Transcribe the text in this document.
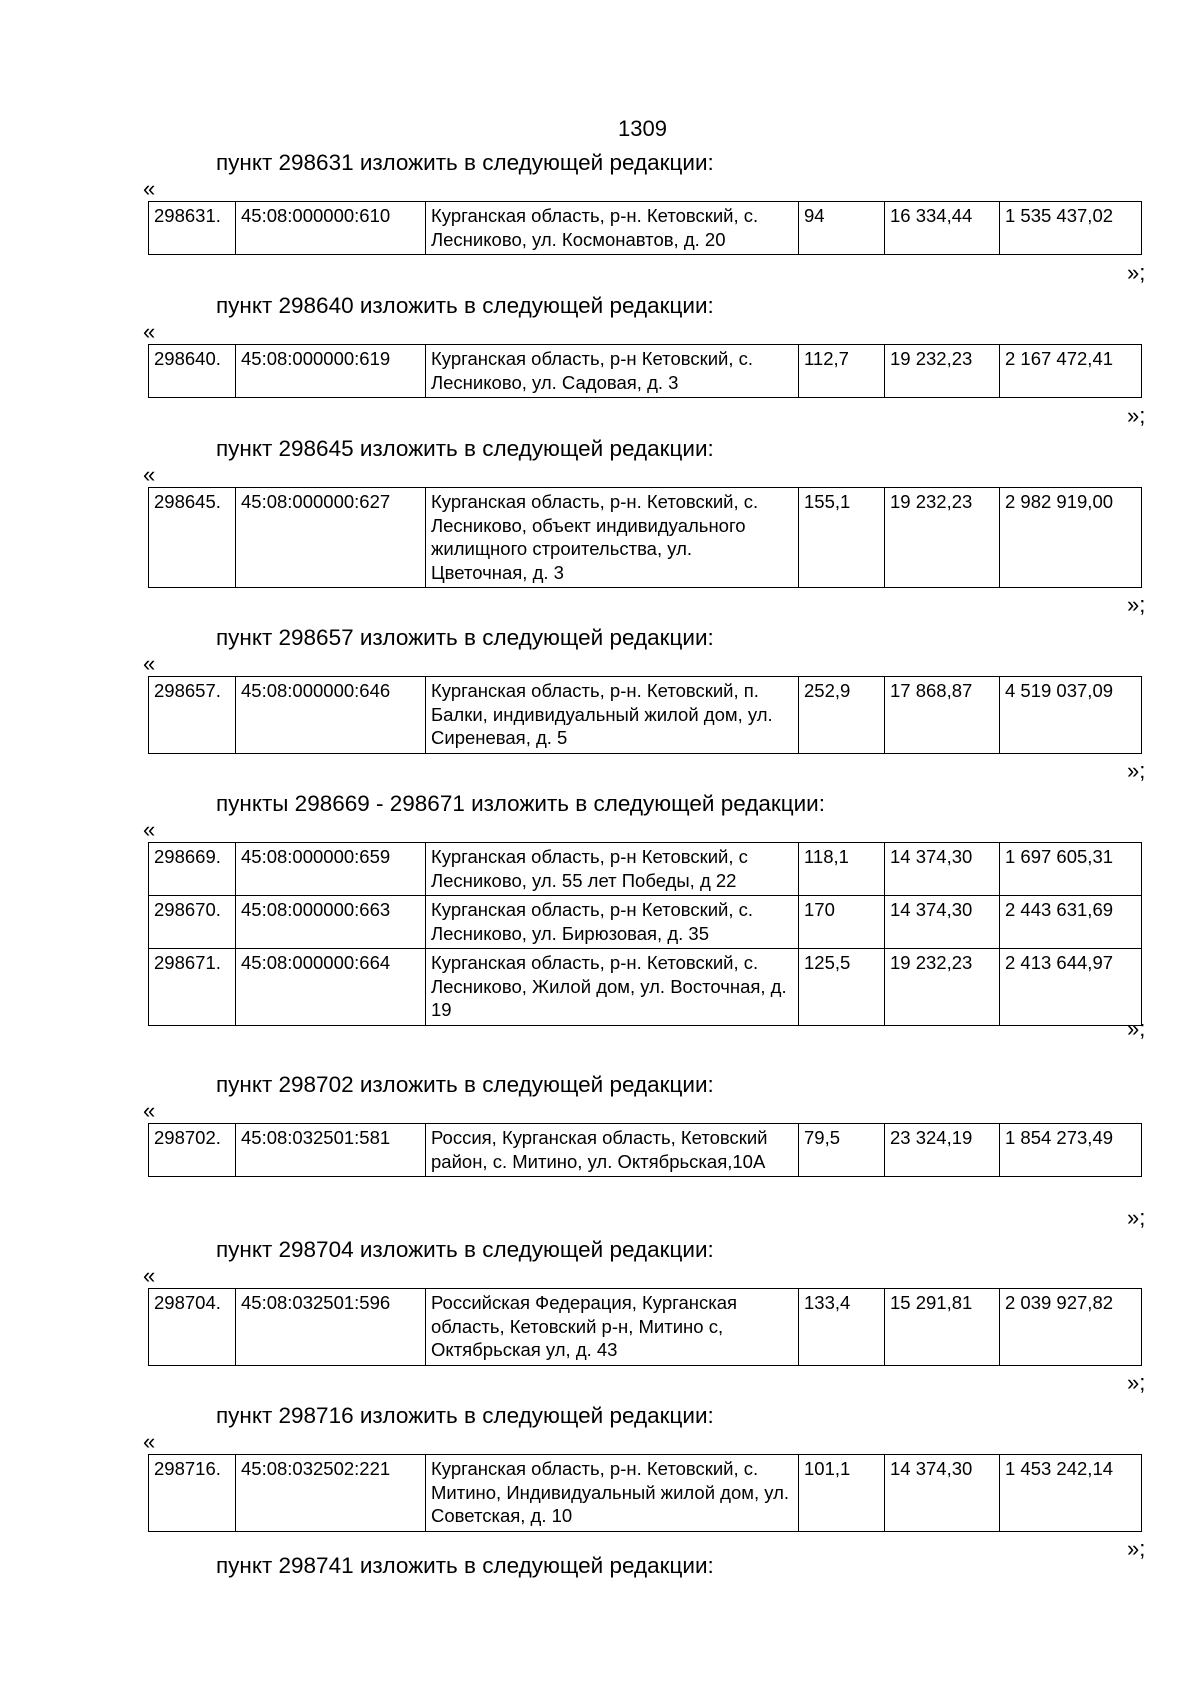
1309
пункт 298631 изложить в следующей редакции:
«
298631.	45:08:000000:610	Курганская область, р-н. Кетовский, с. Лесниково, ул. Космонавтов, д. 20	94	16 334,44	1 535 437,02
»;
пункт 298640 изложить в следующей редакции:
«
298640.	45:08:000000:619	Курганская область, р-н Кетовский, с. Лесниково, ул. Садовая, д. 3	112,7	19 232,23	2 167 472,41
»;
пункт 298645 изложить в следующей редакции:
«
298645.	45:08:000000:627	Курганская область, р-н. Кетовский, с. Лесниково, объект индивидуального жилищного строительства, ул. Цветочная, д. 3	155,1	19 232,23	2 982 919,00
»;
пункт 298657 изложить в следующей редакции:
«
298657.	45:08:000000:646	Курганская область, р-н. Кетовский, п. Балки, индивидуальный жилой дом, ул. Сиреневая, д. 5	252,9	17 868,87	4 519 037,09
»;
пункты 298669 - 298671 изложить в следующей редакции:
«
298669.	45:08:000000:659	Курганская область, р-н Кетовский, с Лесниково, ул. 55 лет Победы, д 22	118,1	14 374,30	1 697 605,31
298670.	45:08:000000:663	Курганская область, р-н Кетовский, с. Лесниково, ул. Бирюзовая, д. 35	170	14 374,30	2 443 631,69
298671.	45:08:000000:664	Курганская область, р-н. Кетовский, с. Лесниково, Жилой дом, ул. Восточная, д. 19	125,5	19 232,23	2 413 644,97
»;
пункт 298702 изложить в следующей редакции:
«
298702.	45:08:032501:581	Россия, Курганская область, Кетовский район, с. Митино, ул. Октябрьская,10А	79,5	23 324,19	1 854 273,49
»;
пункт 298704 изложить в следующей редакции:
«
298704.	45:08:032501:596	Российская Федерация, Курганская область, Кетовский р-н, Митино с, Октябрьская ул, д. 43	133,4	15 291,81	2 039 927,82
»;
пункт 298716 изложить в следующей редакции:
«
298716.	45:08:032502:221	Курганская область, р-н. Кетовский, с. Митино, Индивидуальный жилой дом, ул. Советская, д. 10	101,1	14 374,30	1 453 242,14
»;
пункт 298741 изложить в следующей редакции:
